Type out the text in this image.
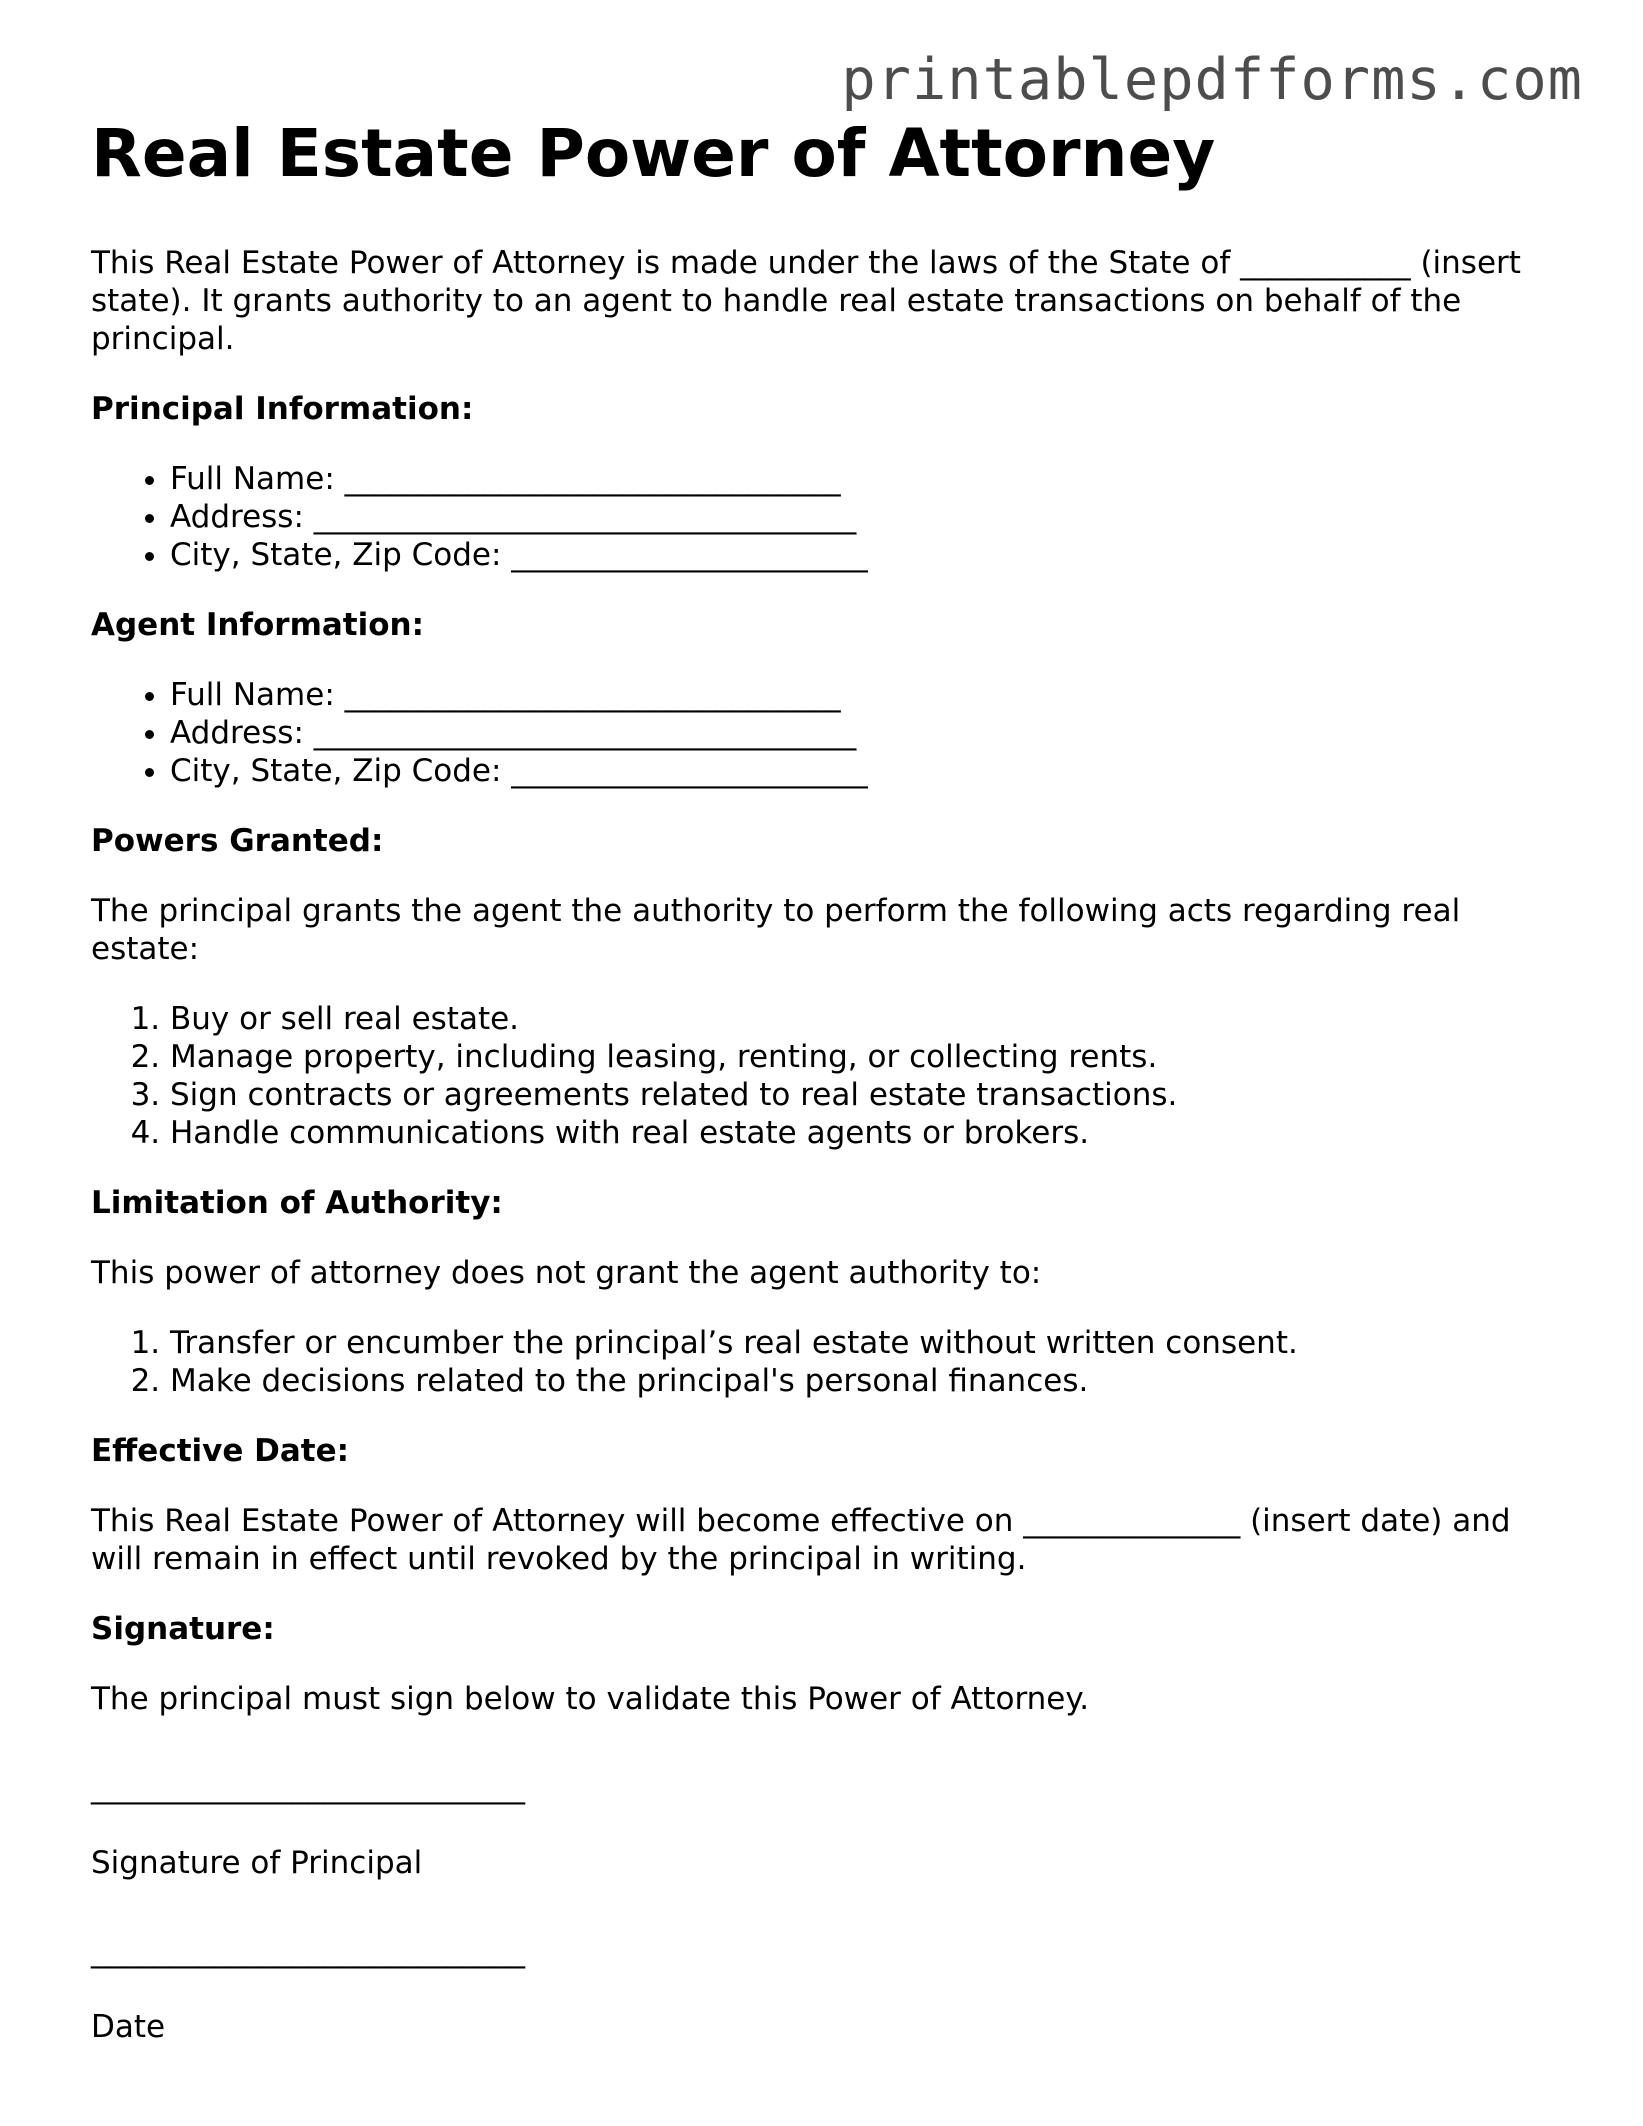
printablepdfforms.com
Real Estate Power of Attorney

This Real Estate Power of Attorney is made under the laws of the State of ___________ (insert state). It grants authority to an agent to handle real estate transactions on behalf of the principal.

Principal Information:
• Full Name: ________________________________
• Address: ___________________________________
• City, State, Zip Code: _______________________
Agent Information:
• Full Name: ________________________________
• Address: ___________________________________
• City, State, Zip Code: _______________________
Powers Granted:

The principal grants the agent the authority to perform the following acts regarding real estate:

1. Buy or sell real estate.
2. Manage property, including leasing, renting, or collecting rents.
3. Sign contracts or agreements related to real estate transactions.
4. Handle communications with real estate agents or brokers.
Limitation of Authority:

This power of attorney does not grant the agent authority to:

1. Transfer or encumber the principal’s real estate without written consent.
2. Make decisions related to the principal's personal finances.
Effective Date:

This Real Estate Power of Attorney will become effective on ______________ (insert date) and will remain in effect until revoked by the principal in writing.

Signature:

The principal must sign below to validate this Power of Attorney.

____________________________

Signature of Principal

____________________________

Date
